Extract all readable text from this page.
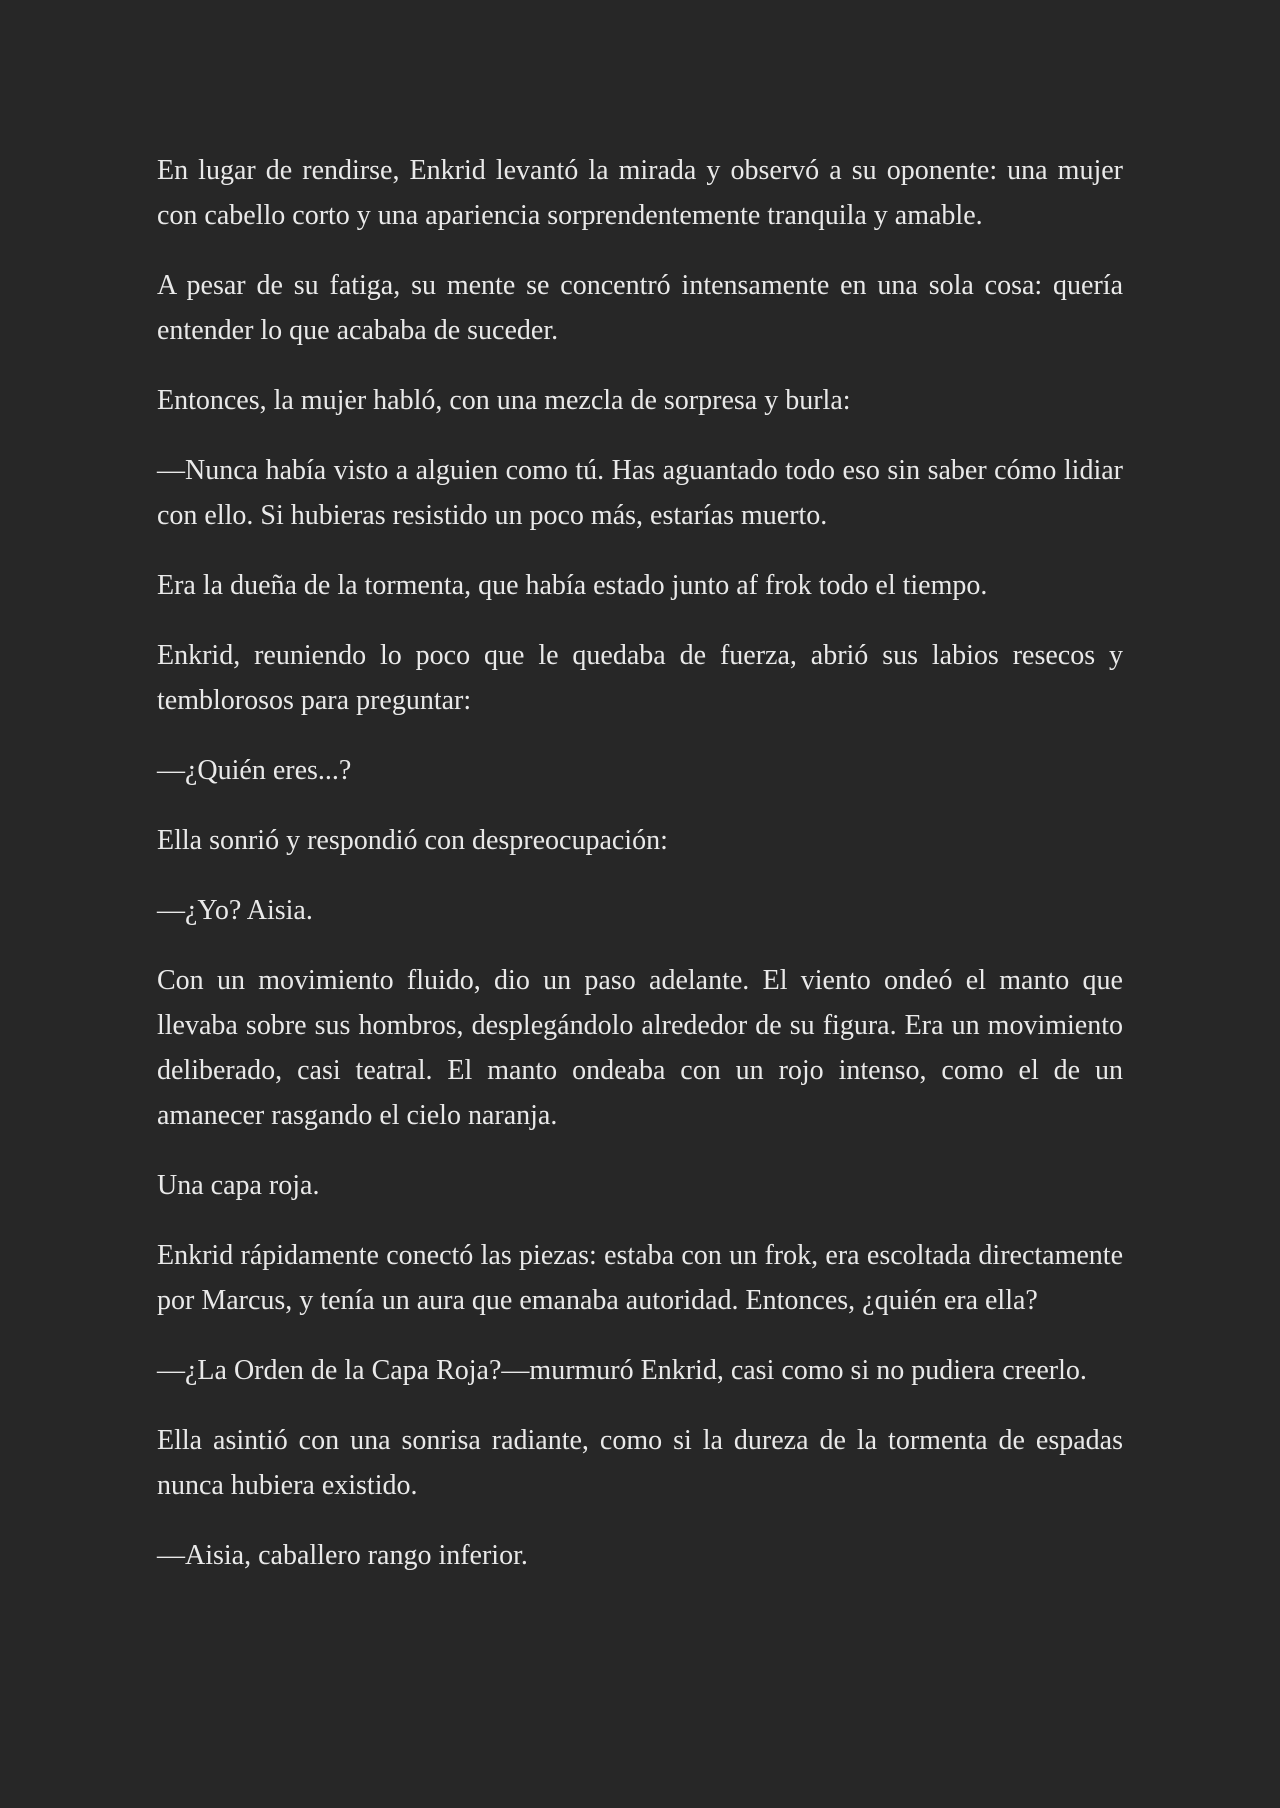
En lugar de rendirse, Enkrid levantó la mirada y observó a su oponente: una mujer con cabello corto y una apariencia sorprendentemente tranquila y amable.

A pesar de su fatiga, su mente se concentró intensamente en una sola cosa: quería entender lo que acababa de suceder.

Entonces, la mujer habló, con una mezcla de sorpresa y burla:

—Nunca había visto a alguien como tú. Has aguantado todo eso sin saber cómo lidiar con ello. Si hubieras resistido un poco más, estarías muerto.

Era la dueña de la tormenta, que había estado junto af frok todo el tiempo.

Enkrid, reuniendo lo poco que le quedaba de fuerza, abrió sus labios resecos y temblorosos para preguntar:

—¿Quién eres...?

Ella sonrió y respondió con despreocupación:

—¿Yo? Aisia.

Con un movimiento fluido, dio un paso adelante. El viento ondeó el manto que llevaba sobre sus hombros, desplegándolo alrededor de su figura. Era un movimiento deliberado, casi teatral. El manto ondeaba con un rojo intenso, como el de un amanecer rasgando el cielo naranja.

Una capa roja.

Enkrid rápidamente conectó las piezas: estaba con un frok, era escoltada directamente por Marcus, y tenía un aura que emanaba autoridad. Entonces, ¿quién era ella?

—¿La Orden de la Capa Roja?—murmuró Enkrid, casi como si no pudiera creerlo.

Ella asintió con una sonrisa radiante, como si la dureza de la tormenta de espadas nunca hubiera existido.

—Aisia, caballero rango inferior.
